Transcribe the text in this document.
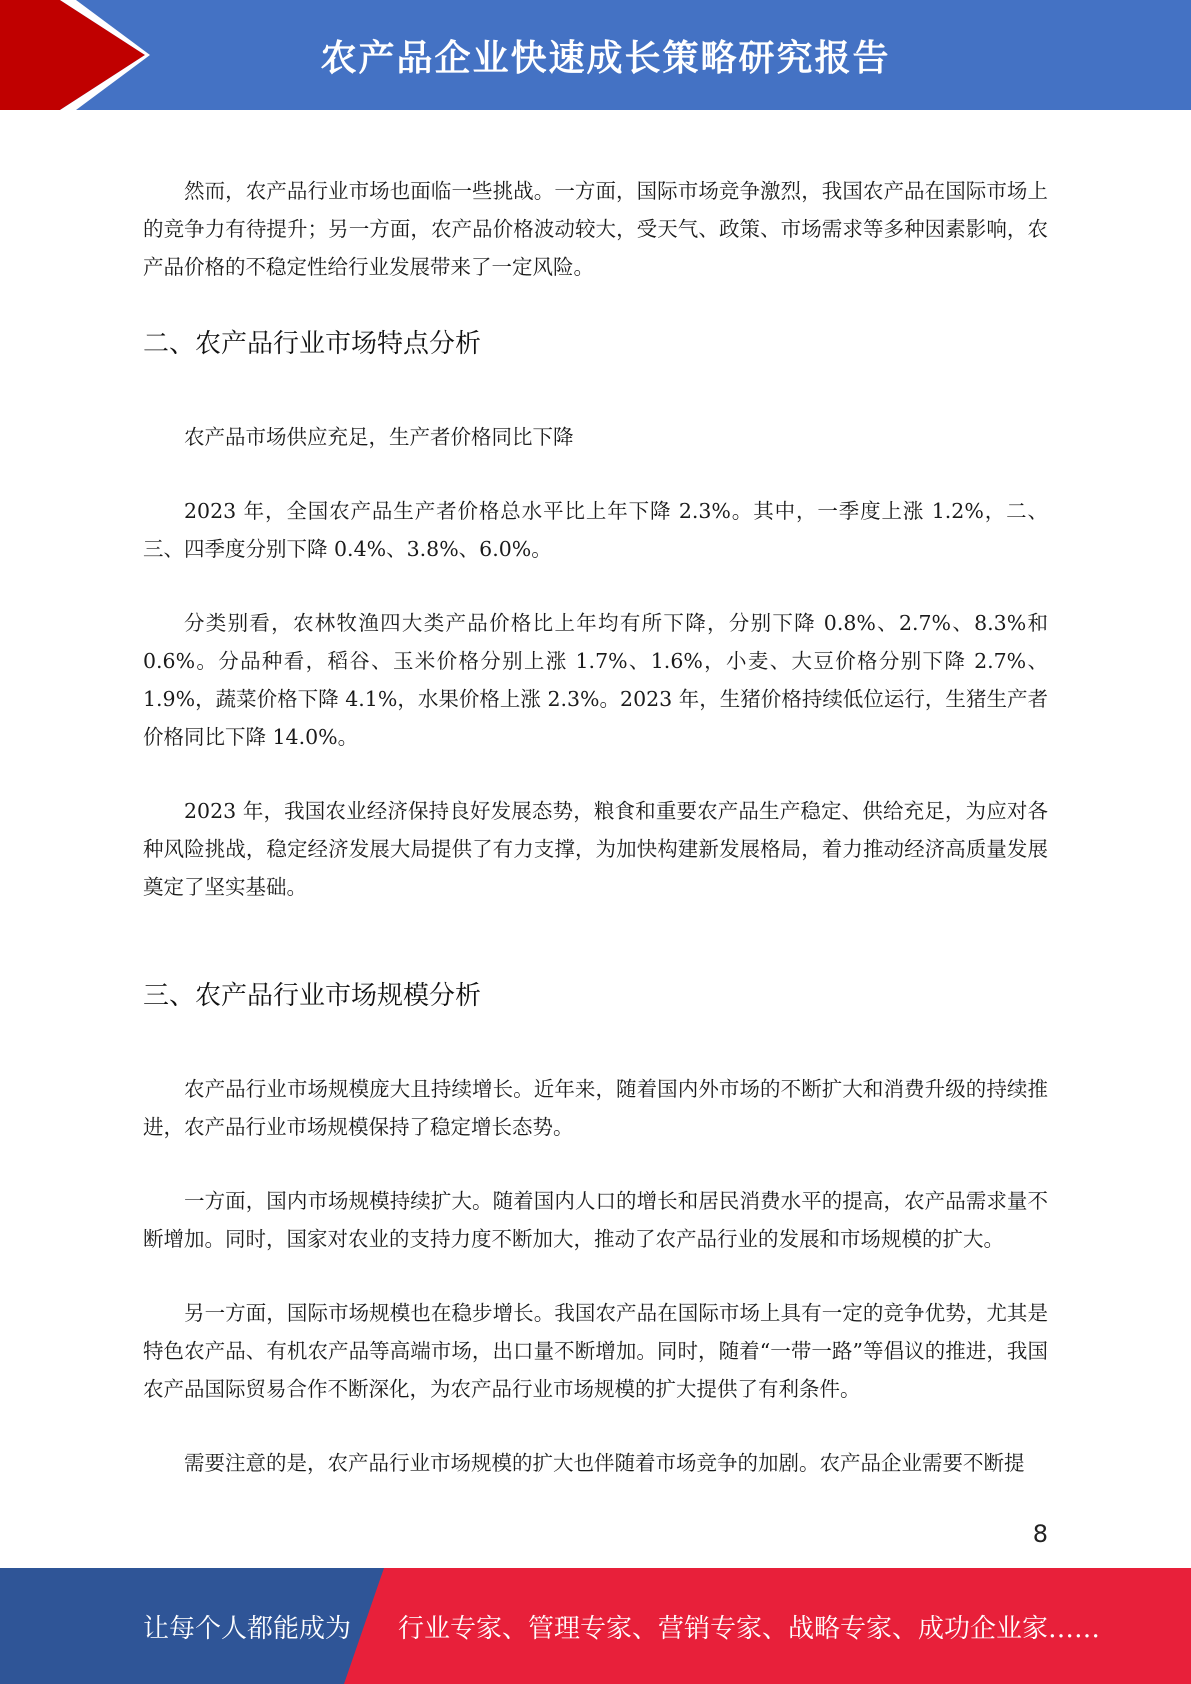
农产品企业快速成长策略研究报告

然而，农产品行业市场也面临一些挑战。一方面，国际市场竞争激烈，我国农产品在国际市场上的竞争力有待提升；另一方面，农产品价格波动较大，受天气、政策、市场需求等多种因素影响，农产品价格的不稳定性给行业发展带来了一定风险。

二、农产品行业市场特点分析

农产品市场供应充足，生产者价格同比下降

2023 年，全国农产品生产者价格总水平比上年下降 2.3%。其中，一季度上涨 1.2%，二、三、四季度分别下降 0.4%、3.8%、6.0%。

分类别看，农林牧渔四大类产品价格比上年均有所下降，分别下降 0.8%、2.7%、8.3%和 0.6%。分品种看，稻谷、玉米价格分别上涨 1.7%、1.6%，小麦、大豆价格分别下降 2.7%、1.9%，蔬菜价格下降 4.1%，水果价格上涨 2.3%。2023 年，生猪价格持续低位运行，生猪生产者价格同比下降 14.0%。

2023 年，我国农业经济保持良好发展态势，粮食和重要农产品生产稳定、供给充足，为应对各种风险挑战，稳定经济发展大局提供了有力支撑，为加快构建新发展格局，着力推动经济高质量发展奠定了坚实基础。

三、农产品行业市场规模分析

农产品行业市场规模庞大且持续增长。近年来，随着国内外市场的不断扩大和消费升级的持续推进，农产品行业市场规模保持了稳定增长态势。

一方面，国内市场规模持续扩大。随着国内人口的增长和居民消费水平的提高，农产品需求量不断增加。同时，国家对农业的支持力度不断加大，推动了农产品行业的发展和市场规模的扩大。

另一方面，国际市场规模也在稳步增长。我国农产品在国际市场上具有一定的竞争优势，尤其是特色农产品、有机农产品等高端市场，出口量不断增加。同时，随着“一带一路”等倡议的推进，我国农产品国际贸易合作不断深化，为农产品行业市场规模的扩大提供了有利条件。

需要注意的是，农产品行业市场规模的扩大也伴随着市场竞争的加剧。农产品企业需要不断提

8
让每个人都能成为 行业专家、管理专家、营销专家、战略专家、成功企业家……
